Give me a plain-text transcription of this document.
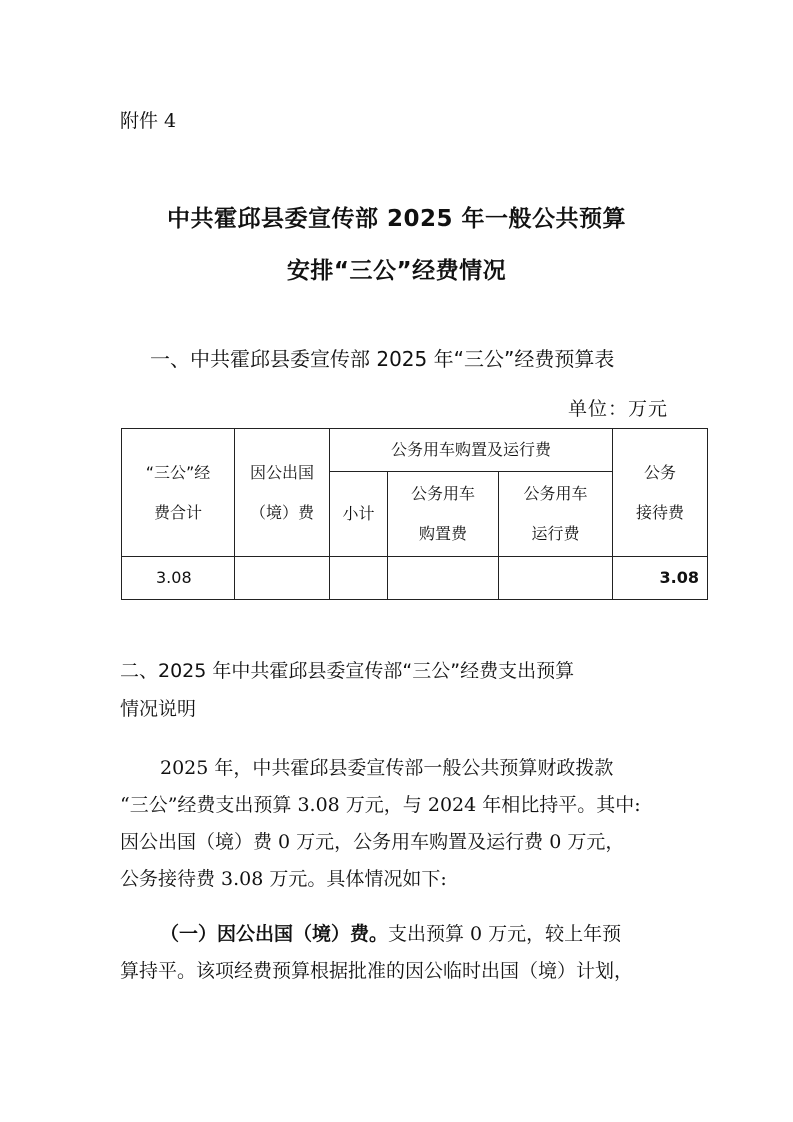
附件 4

中共霍邱县委宣传部 2025 年一般公共预算

安排“三公”经费情况

一、中共霍邱县委宣传部 2025 年“三公”经费预算表

单位：万元

“三公”经
费合计	因公出国
（境）费	公务用车购置及运行费			公务
接待费

		小计	公务用车
购置费	公务用车
运行费	

3.08					3.08
二、2025 年中共霍邱县委宣传部“三公”经费支出预算
情况说明
2025 年，中共霍邱县委宣传部一般公共预算财政拨款
“三公”经费支出预算 3.08 万元，与 2024 年相比持平。其中:
因公出国（境）费 0 万元，公务用车购置及运行费 0 万元，
公务接待费 3.08 万元。具体情况如下:
（一）因公出国（境）费。支出预算 0 万元，较上年预
算持平。该项经费预算根据批准的因公临时出国（境）计划，
